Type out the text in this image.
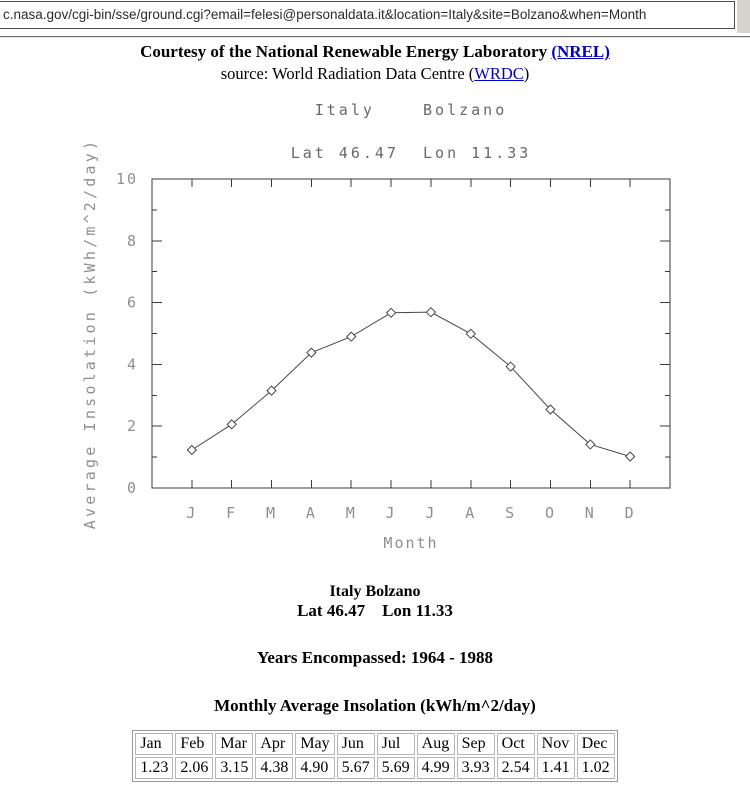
c.nasa.gov/cgi-bin/sse/ground.cgi?email=felesi@personaldata.it&location=Italy&site=Bolzano&when=Month
Courtesy of the National Renewable Energy Laboratory (NREL)
source: World Radiation Data Centre (WRDC)
Italy    Bolzano
Lat 46.47  Lon 11.33
0
2
4
6
8
10
J F M A M J J A S O N D
Month
Average Insolation (kWh/m^2/day)
Italy Bolzano
Lat 46.47    Lon 11.33
Years Encompassed: 1964 - 1988
Monthly Average Insolation (kWh/m^2/day)
Jan	Feb	Mar	Apr	May	Jun	Jul	Aug	Sep	Oct	Nov	Dec
1.23	2.06	3.15	4.38	4.90	5.67	5.69	4.99	3.93	2.54	1.41	1.02
